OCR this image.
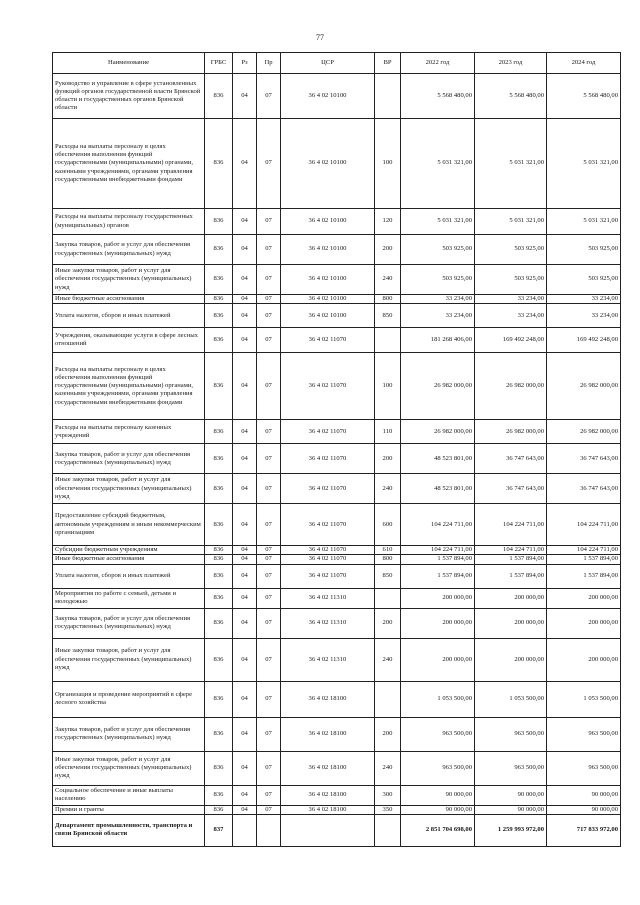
77
Наименование	ГРБС	Рз	Пр	ЦСР	ВР	2022 год	2023 год	2024 год
Руководство и управление в сфере установленных функций органов государственной власти Брянской области и государственных органов Брянской области	836	04	07	36 4 02 10100		5 568 480,00	5 568 480,00	5 568 480,00
Расходы на выплаты персоналу в целях обеспечения выполнения функций государственными (муниципальными) органами, казенными учреждениями, органами управления государственными внебюджетными фондами	836	04	07	36 4 02 10100	100	5 031 321,00	5 031 321,00	5 031 321,00
Расходы на выплаты персоналу государственных (муниципальных) органов	836	04	07	36 4 02 10100	120	5 031 321,00	5 031 321,00	5 031 321,00
Закупка товаров, работ и услуг для обеспечения государственных (муниципальных) нужд	836	04	07	36 4 02 10100	200	503 925,00	503 925,00	503 925,00
Иные закупки товаров, работ и услуг для обеспечения государственных (муниципальных) нужд	836	04	07	36 4 02 10100	240	503 925,00	503 925,00	503 925,00
Иные бюджетные ассигнования	836	04	07	36 4 02 10100	800	33 234,00	33 234,00	33 234,00
Уплата налогов, сборов и иных платежей	836	04	07	36 4 02 10100	850	33 234,00	33 234,00	33 234,00
Учреждения, оказывающие услуги в сфере лесных отношений	836	04	07	36 4 02 11070		181 268 406,00	169 492 248,00	169 492 248,00
Расходы на выплаты персоналу в целях обеспечения выполнения функций государственными (муниципальными) органами, казенными учреждениями, органами управления государственными внебюджетными фондами	836	04	07	36 4 02 11070	100	26 982 000,00	26 982 000,00	26 982 000,00
Расходы на выплаты персоналу казенных учреждений	836	04	07	36 4 02 11070	110	26 982 000,00	26 982 000,00	26 982 000,00
Закупка товаров, работ и услуг для обеспечения государственных (муниципальных) нужд	836	04	07	36 4 02 11070	200	48 523 801,00	36 747 643,00	36 747 643,00
Иные закупки товаров, работ и услуг для обеспечения государственных (муниципальных) нужд	836	04	07	36 4 02 11070	240	48 523 801,00	36 747 643,00	36 747 643,00
Предоставление субсидий бюджетным, автономным учреждениям и иным некоммерческим организациям	836	04	07	36 4 02 11070	600	104 224 711,00	104 224 711,00	104 224 711,00
Субсидии бюджетным учреждениям	836	04	07	36 4 02 11070	610	104 224 711,00	104 224 711,00	104 224 711,00
Иные бюджетные ассигнования	836	04	07	36 4 02 11070	800	1 537 894,00	1 537 894,00	1 537 894,00
Уплата налогов, сборов и иных платежей	836	04	07	36 4 02 11070	850	1 537 894,00	1 537 894,00	1 537 894,00
Мероприятия по работе с семьей, детьми и молодежью	836	04	07	36 4 02 11310		200 000,00	200 000,00	200 000,00
Закупка товаров, работ и услуг для обеспечения государственных (муниципальных) нужд	836	04	07	36 4 02 11310	200	200 000,00	200 000,00	200 000,00
Иные закупки товаров, работ и услуг для обеспечения государственных (муниципальных) нужд	836	04	07	36 4 02 11310	240	200 000,00	200 000,00	200 000,00
Организация и проведение мероприятий в сфере лесного хозяйства	836	04	07	36 4 02 18100		1 053 500,00	1 053 500,00	1 053 500,00
Закупка товаров, работ и услуг для обеспечения государственных (муниципальных) нужд	836	04	07	36 4 02 18100	200	963 500,00	963 500,00	963 500,00
Иные закупки товаров, работ и услуг для обеспечения государственных (муниципальных) нужд	836	04	07	36 4 02 18100	240	963 500,00	963 500,00	963 500,00
Социальное обеспечение и иные выплаты населению	836	04	07	36 4 02 18100	300	90 000,00	90 000,00	90 000,00
Премии и гранты	836	04	07	36 4 02 18100	350	90 000,00	90 000,00	90 000,00
Департамент промышленности, транспорта и связи Брянской области	837					2 851 704 698,00	1 259 993 972,00	717 833 972,00
